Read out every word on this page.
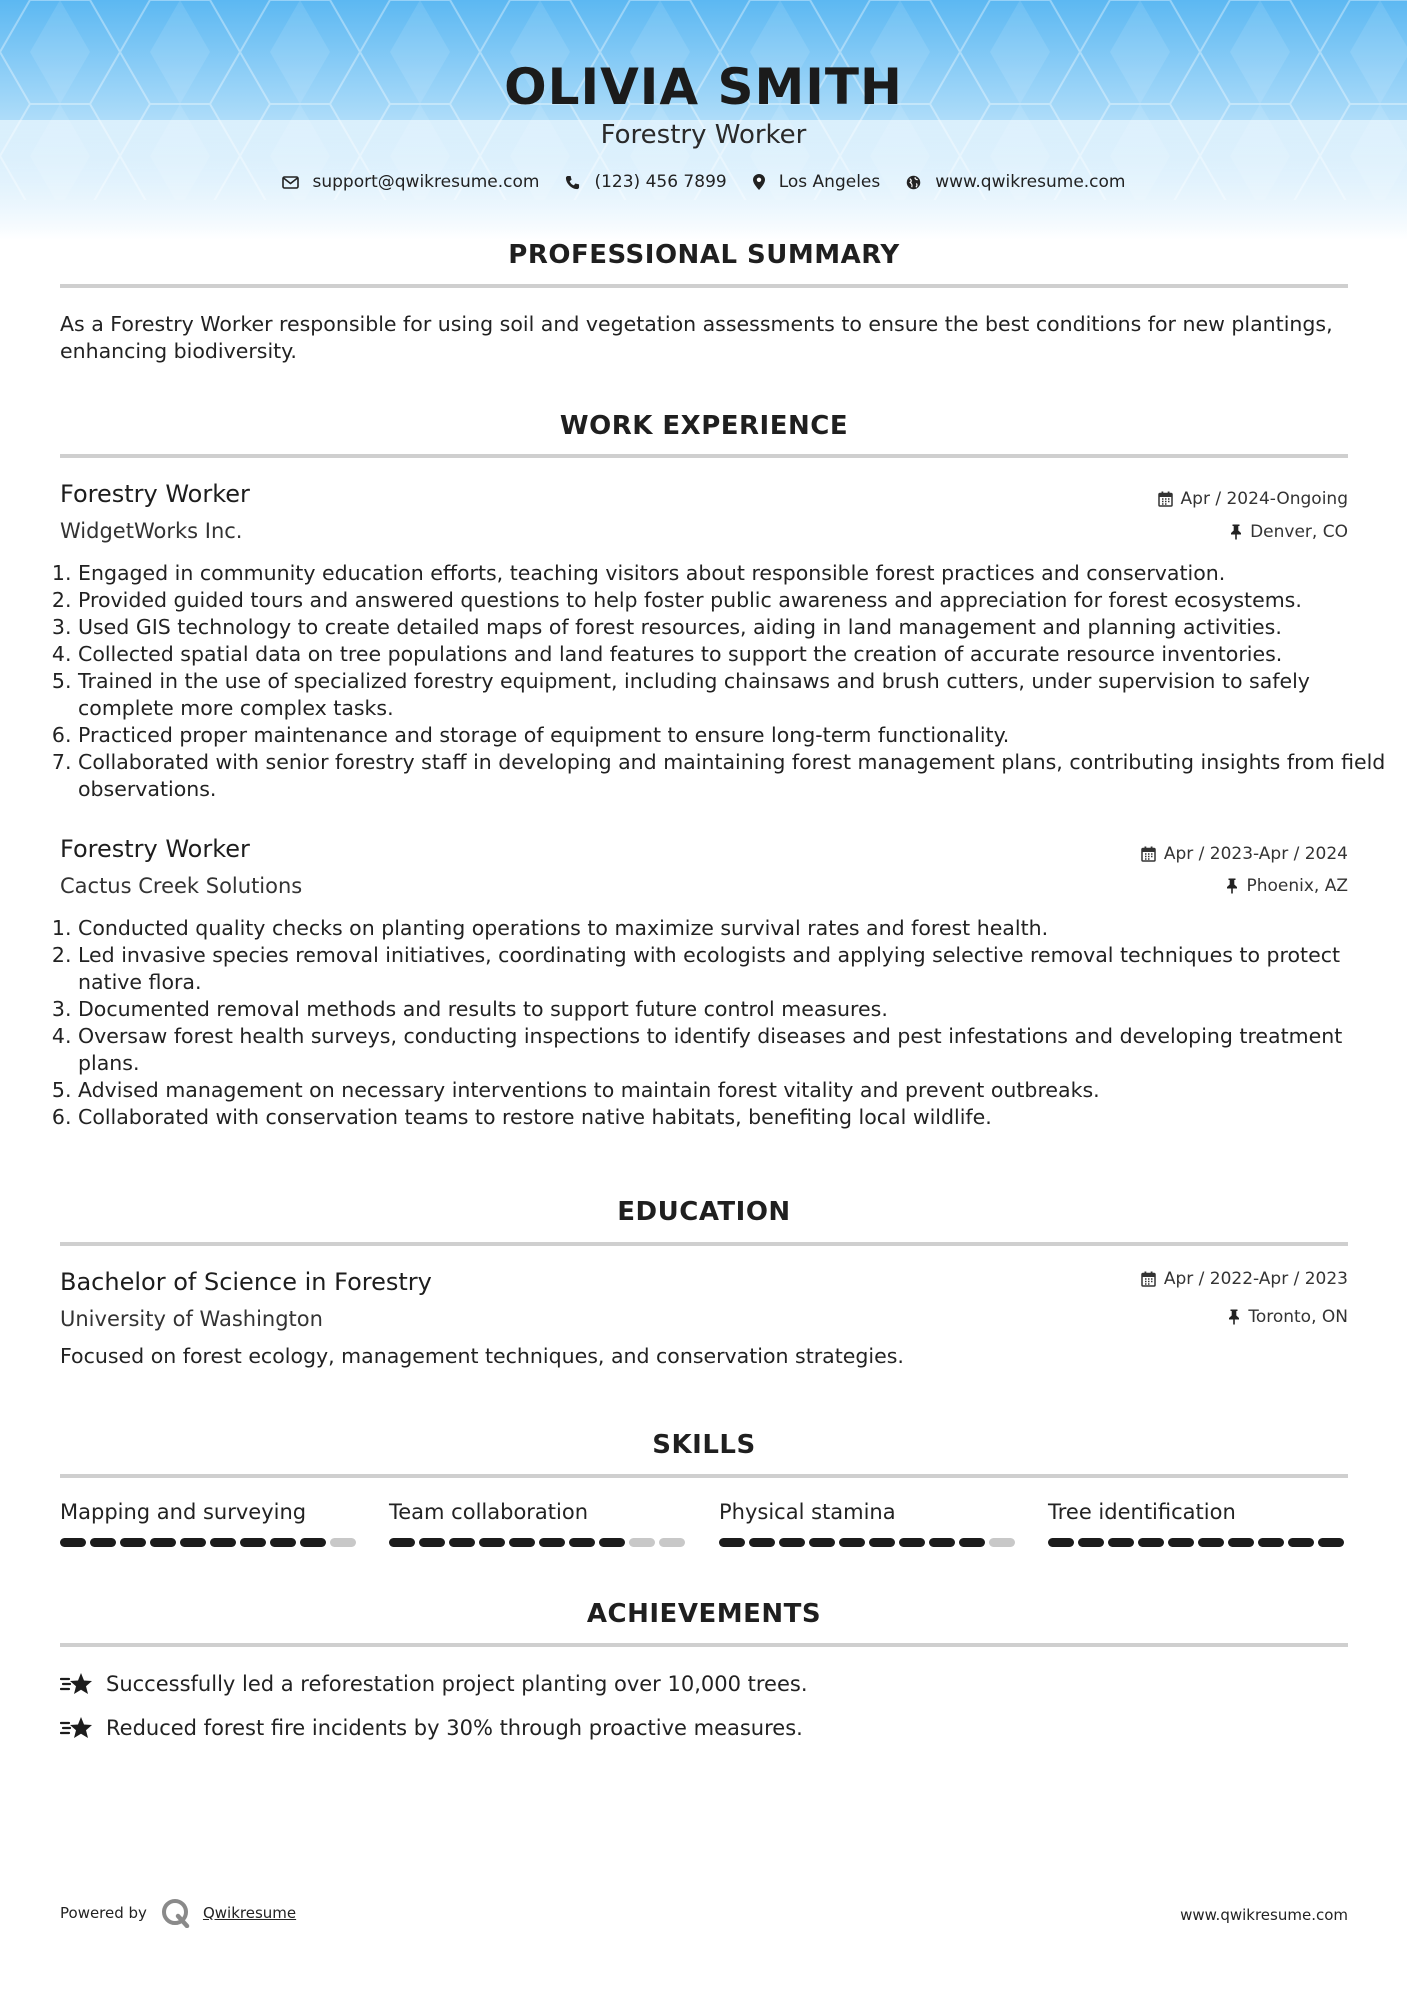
OLIVIA SMITH
Forestry Worker
support@qwikresume.com	(123) 456 7899	Los Angeles	www.qwikresume.com
PROFESSIONAL SUMMARY
As a Forestry Worker responsible for using soil and vegetation assessments to ensure the best conditions for new plantings, enhancing biodiversity.
WORK EXPERIENCE
Forestry Worker
WidgetWorks Inc.
Apr / 2024-Ongoing
Denver, CO
1. Engaged in community education efforts, teaching visitors about responsible forest practices and conservation.
2. Provided guided tours and answered questions to help foster public awareness and appreciation for forest ecosystems.
3. Used GIS technology to create detailed maps of forest resources, aiding in land management and planning activities.
4. Collected spatial data on tree populations and land features to support the creation of accurate resource inventories.
5. Trained in the use of specialized forestry equipment, including chainsaws and brush cutters, under supervision to safely complete more complex tasks.
6. Practiced proper maintenance and storage of equipment to ensure long-term functionality.
7. Collaborated with senior forestry staff in developing and maintaining forest management plans, contributing insights from field observations.
Forestry Worker
Cactus Creek Solutions
Apr / 2023-Apr / 2024
Phoenix, AZ
1. Conducted quality checks on planting operations to maximize survival rates and forest health.
2. Led invasive species removal initiatives, coordinating with ecologists and applying selective removal techniques to protect native flora.
3. Documented removal methods and results to support future control measures.
4. Oversaw forest health surveys, conducting inspections to identify diseases and pest infestations and developing treatment plans.
5. Advised management on necessary interventions to maintain forest vitality and prevent outbreaks.
6. Collaborated with conservation teams to restore native habitats, benefiting local wildlife.
EDUCATION
Bachelor of Science in Forestry
University of Washington
Focused on forest ecology, management techniques, and conservation strategies.
Apr / 2022-Apr / 2023
Toronto, ON
SKILLS
Mapping and surveying	Team collaboration	Physical stamina	Tree identification
ACHIEVEMENTS
Successfully led a reforestation project planting over 10,000 trees.
Reduced forest fire incidents by 30% through proactive measures.
Powered by	Qwikresume	www.qwikresume.com
